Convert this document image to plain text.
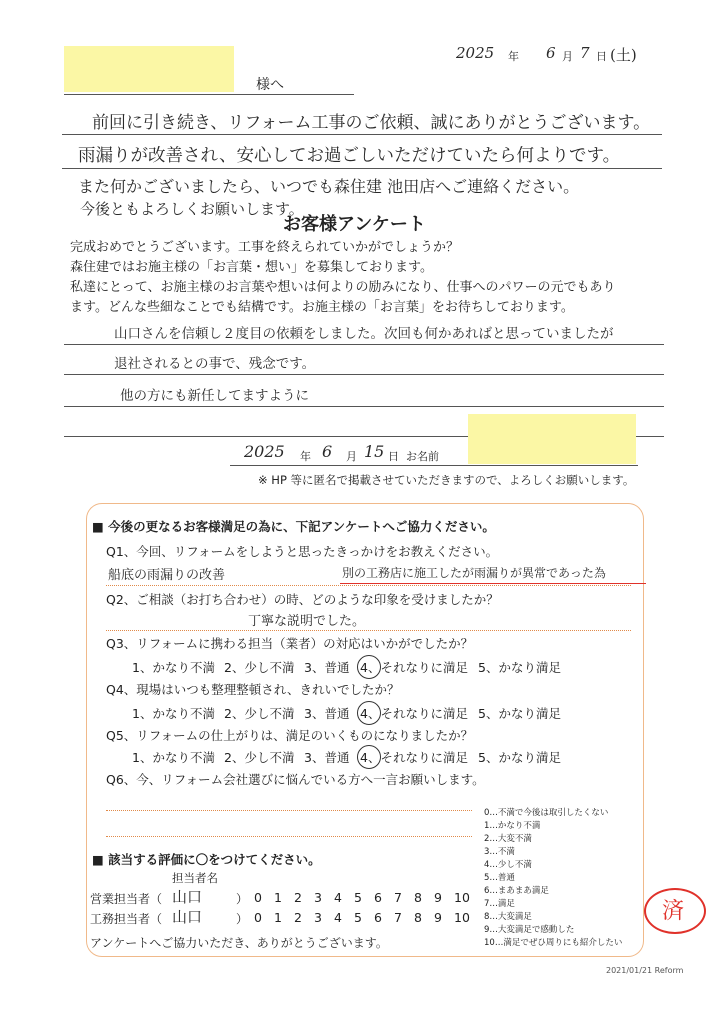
様へ
2025 年 6 月 7 日 (土)
前回に引き続き、リフォーム工事のご依頼、誠にありがとうございます。
雨漏りが改善され、安心してお過ごしいただけていたら何よりです。
また何かございましたら、いつでも森住建 池田店へご連絡ください。
今後ともよろしくお願いします。
お客様アンケート
完成おめでとうございます。工事を終えられていかがでしょうか？
森住建ではお施主様の「お言葉・想い」を募集しております。
私達にとって、お施主様のお言葉や想いは何よりの励みになり、仕事へのパワーの元でもあり
ます。どんな些細なことでも結構です。お施主様の「お言葉」をお待ちしております。
山口さんを信頼し２度目の依頼をしました。次回も何かあればと思っていましたが
退社されるとの事で、残念です。
他の方にも新任してますように
2025 年 6 月 15 日 お名前
※ HP 等に匿名で掲載させていただきますので、よろしくお願いします。
■ 今後の更なるお客様満足の為に、下記アンケートへご協力ください。
Q1、今回、リフォームをしようと思ったきっかけをお教えください。
船底の雨漏りの改善	別の工務店に施工したが雨漏りが異常であった為
Q2、ご相談（お打ち合わせ）の時、どのような印象を受けましたか？
丁寧な説明でした。
Q3、リフォームに携わる担当（業者）の対応はいかがでしたか？
1、かなり不満 2、少し不満 3、普通 4、それなりに満足 5、かなり満足
Q4、現場はいつも整理整頓され、きれいでしたか？
1、かなり不満 2、少し不満 3、普通 4、それなりに満足 5、かなり満足
Q5、リフォームの仕上がりは、満足のいくものになりましたか？
1、かなり不満 2、少し不満 3、普通 4、それなりに満足 5、かなり満足
Q6、今、リフォーム会社選びに悩んでいる方へ一言お願いします。
0…不満で今後は取引したくない
1…かなり不満
2…大変不満
3…不満
4…少し不満
5…普通
6…まあまあ満足
7…満足
8…大変満足
9…大変満足で感動した
10…満足でぜひ周りにも紹介したい
■ 該当する評価に〇をつけてください。
担当者名
営業担当者（ 山口	） 0 1 2 3 4 5 6 7 8 9 10
工務担当者（ 山口	） 0 1 2 3 4 5 6 7 8 9 10
アンケートへご協力いただき、ありがとうございます。
済
2021/01/21 Reform
